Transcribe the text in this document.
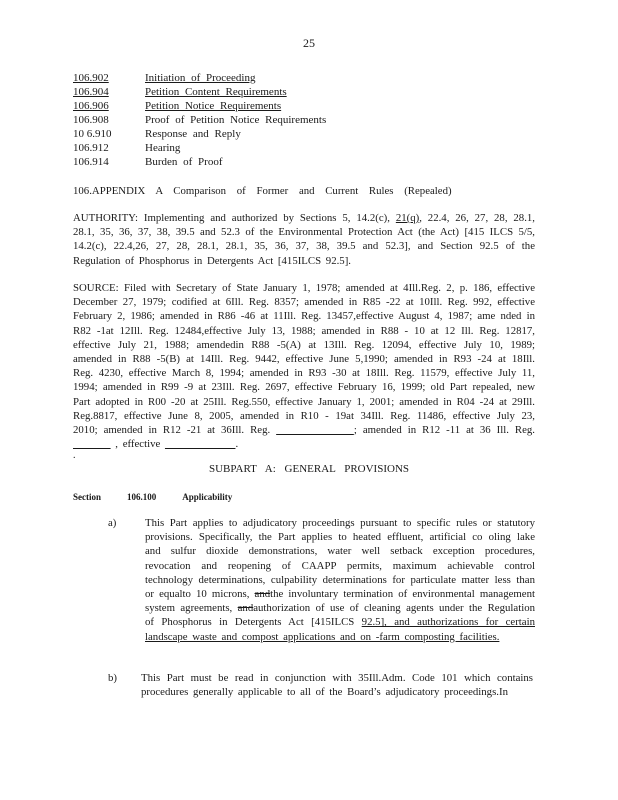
25
106.902	Initiation of Proceeding
106.904	Petition Content Requirements
106.906	Petition Notice Requirements
106.908	Proof of Petition Notice Requirements
10 6.910	Response and Reply
106.912	Hearing
106.914	Burden of Proof
106.APPENDIX A Comparison of Former and Current Rules (Repealed)
AUTHORITY: Implementing and authorized by Sections 5, 14.2(c), 21(q), 22.4, 26, 27, 28, 28.1, 28.1, 35, 36, 37, 38, 39.5 and 52.3 of the Environmental Protection Act (the Act) [415 ILCS 5/5, 14.2(c), 22.4,26, 27, 28, 28.1, 28.1, 35, 36, 37, 38, 39.5 and 52.3], and Section 92.5 of the Regulation of Phosphorus in Detergents Act [415ILCS 92.5].
SOURCE: Filed with Secretary of State January 1, 1978; amended at 4Ill.Reg. 2, p. 186, effective December 27, 1979; codified at 6Ill. Reg. 8357; amended in R85 -22 at 10Ill. Reg. 992, effective February 2, 1986; amended in R86 -46 at 11Ill. Reg. 13457,effective August 4, 1987; ame nded in R82 -1at 12Ill. Reg. 12484,effective July 13, 1988; amended in R88 - 10 at 12 Ill. Reg. 12817, effective July 21, 1988; amendedin R88 -5(A) at 13Ill. Reg. 12094, effective July 10, 1989; amended in R88 -5(B) at 14Ill. Reg. 9442, effective June 5,1990; amended in R93 -24 at 18Ill. Reg. 4230, effective March 8, 1994; amended in R93 -30 at 18Ill. Reg. 11579, effective July 11, 1994; amended in R99 -9 at 23Ill. Reg. 2697, effective February 16, 1999; old Part repealed, new Part adopted in R00 -20 at 25Ill. Reg.550, effective January 1, 2001; amended in R04 -24 at 29Ill. Reg.8817, effective June 8, 2005, amended in R10 - 19at 34Ill. Reg. 11486, effective July 23, 2010; amended in R12 -21 at 36Ill. Reg.	; amended in R12 -11 at 36 Ill. Reg.          , effective	.
.
SUBPART A: GENERAL PROVISIONS
Section	106.100	Applicability
a)	This Part applies to adjudicatory proceedings pursuant to specific rules or statutory provisions. Specifically, the Part applies to heated effluent, artificial co oling lake and sulfur dioxide demonstrations, water well setback exception procedures, revocation and reopening of CAAPP permits, maximum achievable control technology determinations, culpability determinations for particulate matter less than or equalto 10 microns, andthe involuntary termination of environmental management system agreements, andauthorization of use of cleaning agents under the Regulation of Phosphorus in Detergents Act [415ILCS 92.5], and authorizations for certain landscape waste and compost applications and on -farm composting facilities.
b) This Part must be read in conjunction with 35Ill.Adm. Code 101 which contains procedures generally applicable to all of the Board’s adjudicatory proceedings.In
